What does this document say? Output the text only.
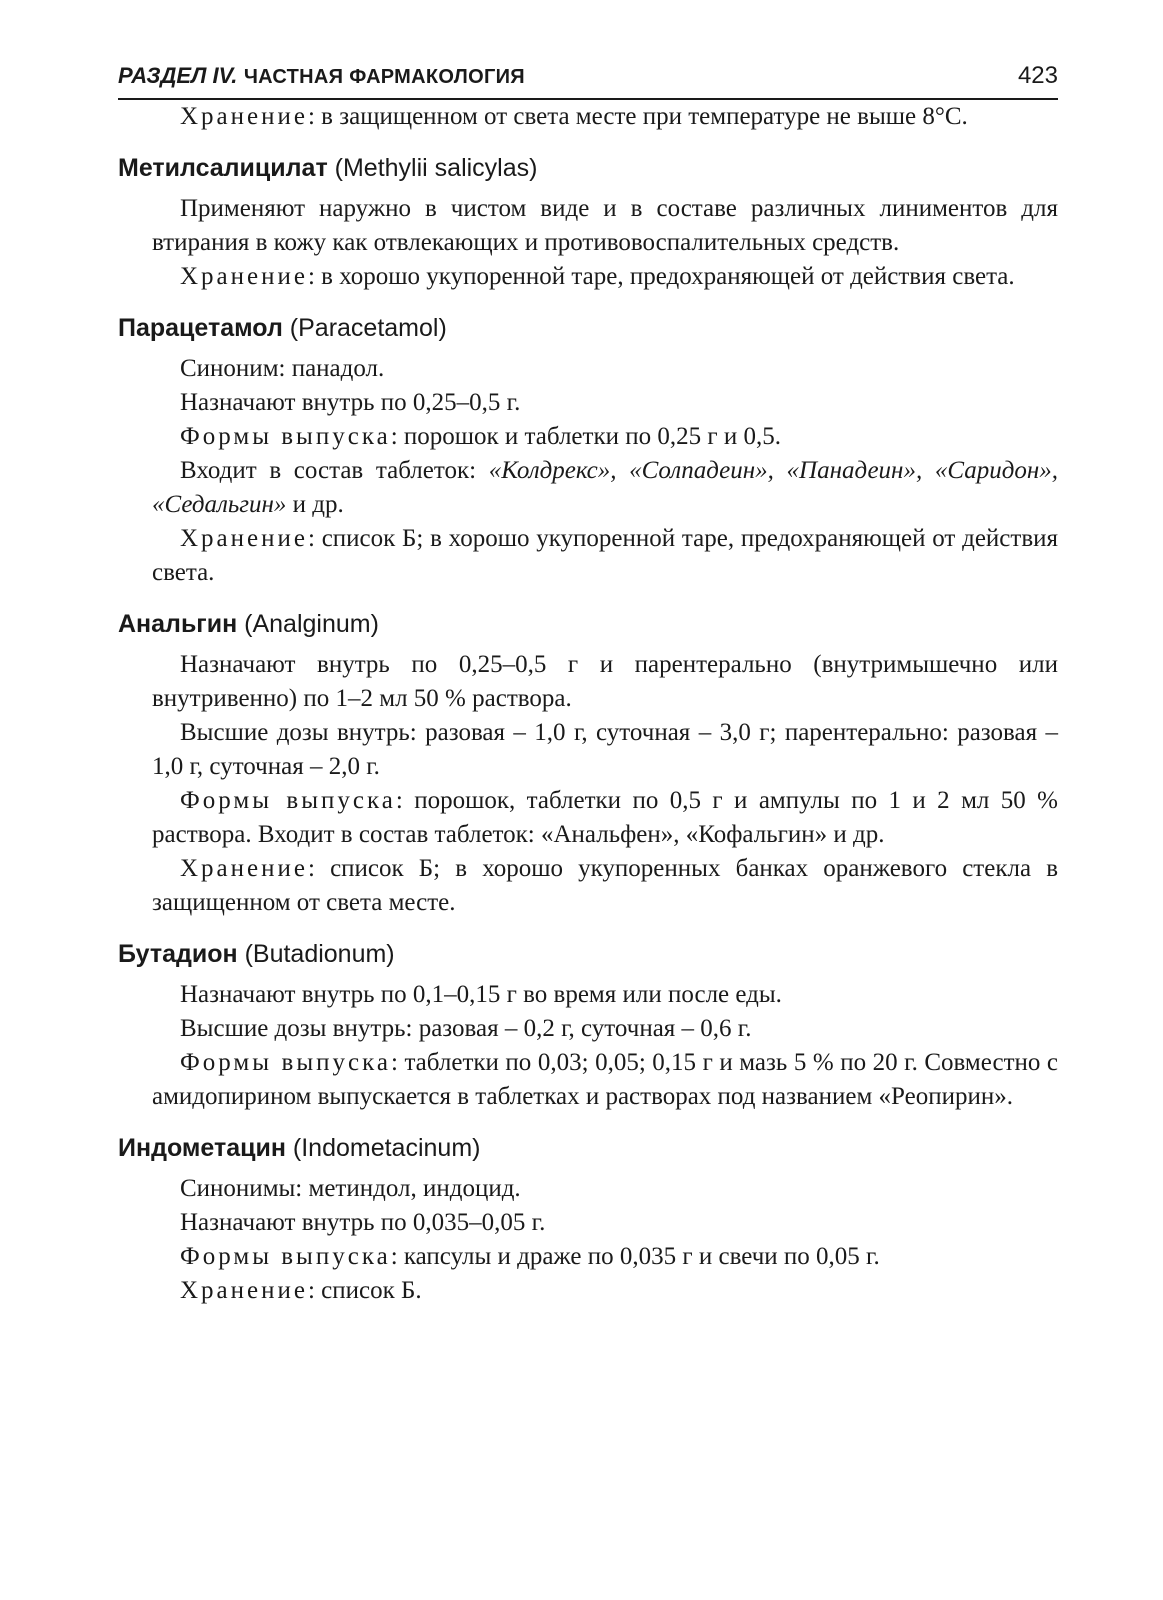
РАЗДЕЛ IV. ЧАСТНАЯ ФАРМАКОЛОГИЯ	423

Хранение: в защищенном от света месте при температуре не выше 8°С.

Метилсалицилат (Methylii salicylas)

Применяют наружно в чистом виде и в составе различных линиментов для втирания в кожу как отвлекающих и противовоспалительных средств.

Хранение: в хорошо укупоренной таре, предохраняющей от действия света.

Парацетамол (Paracetamol)

Синоним: панадол.

Назначают внутрь по 0,25–0,5 г.

Формы выпуска: порошок и таблетки по 0,25 г и 0,5.

Входит в состав таблеток: «Колдрекс», «Солпадеин», «Панадеин», «Саридон», «Седальгин» и др.

Хранение: список Б; в хорошо укупоренной таре, предохраняющей от действия света.

Анальгин (Analginum)

Назначают внутрь по 0,25–0,5 г и парентерально (внутримышечно или внутривенно) по 1–2 мл 50 % раствора.

Высшие дозы внутрь: разовая – 1,0 г, суточная – 3,0 г; парентерально: разовая – 1,0 г, суточная – 2,0 г.

Формы выпуска: порошок, таблетки по 0,5 г и ампулы по 1 и 2 мл 50 % раствора. Входит в состав таблеток: «Анальфен», «Кофальгин» и др.

Хранение: список Б; в хорошо укупоренных банках оранжевого стекла в защищенном от света месте.

Бутадион (Butadionum)

Назначают внутрь по 0,1–0,15 г во время или после еды.

Высшие дозы внутрь: разовая – 0,2 г, суточная – 0,6 г.

Формы выпуска: таблетки по 0,03; 0,05; 0,15 г и мазь 5 % по 20 г. Совместно с амидопирином выпускается в таблетках и растворах под названием «Реопирин».

Индометацин (Indometacinum)

Синонимы: метиндол, индоцид.

Назначают внутрь по 0,035–0,05 г.

Формы выпуска: капсулы и драже по 0,035 г и свечи по 0,05 г.

Хранение: список Б.
